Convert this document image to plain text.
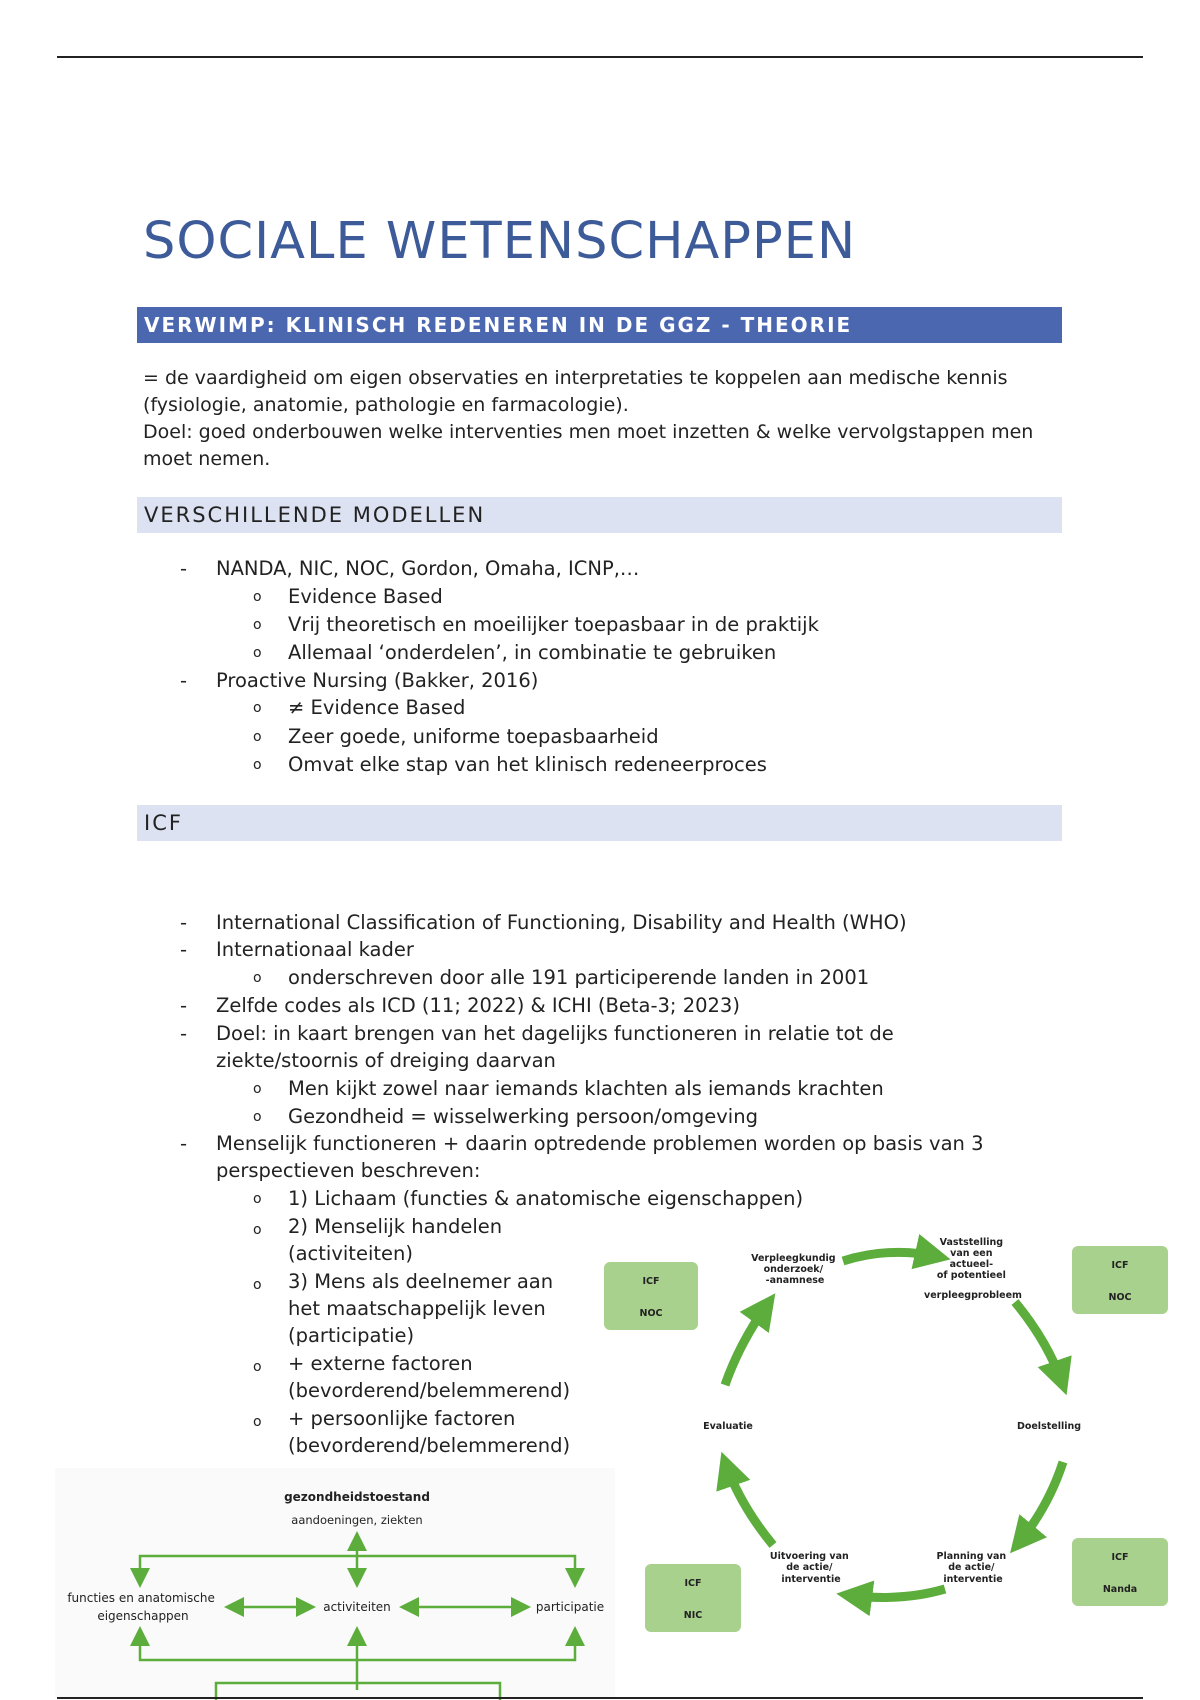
SOCIALE WETENSCHAPPEN
VERWIMP: KLINISCH REDENEREN IN DE GGZ - THEORIE

= de vaardigheid om eigen observaties en interpretaties te koppelen aan medische kennis (fysiologie, anatomie, pathologie en farmacologie).

Doel: goed onderbouwen welke interventies men moet inzetten & welke vervolgstappen men moet nemen.

VERSCHILLENDE MODELLEN
- NANDA, NIC, NOC, Gordon, Omaha, ICNP,…
o Evidence Based
o Vrij theoretisch en moeilijker toepasbaar in de praktijk
o Allemaal ‘onderdelen’, in combinatie te gebruiken
- Proactive Nursing (Bakker, 2016)
o ≠ Evidence Based
o Zeer goede, uniforme toepasbaarheid
o Omvat elke stap van het klinisch redeneerproces
ICF
- International Classification of Functioning, Disability and Health (WHO)
- Internationaal kader
o onderschreven door alle 191 participerende landen in 2001
- Zelfde codes als ICD (11; 2022) & ICHI (Beta-3; 2023)
- Doel: in kaart brengen van het dagelijks functioneren in relatie tot de ziekte/stoornis of dreiging daarvan
o Men kijkt zowel naar iemands klachten als iemands krachten
o Gezondheid = wisselwerking persoon/omgeving
- Menselijk functioneren + daarin optredende problemen worden op basis van 3 perspectieven beschreven:
o 1) Lichaam (functies & anatomische eigenschappen)
o 2) Menselijk handelen (activiteiten)
o 3) Mens als deelnemer aan het maatschappelijk leven (participatie)
o + externe factoren (bevorderend/belemmerend)
o + persoonlijke factoren (bevorderend/belemmerend)
Verpleegkundig onderzoek/ -anamnese
Vaststelling van een actueel- of potentieel verpleegprobleem
Doelstelling
Planning van de actie/ interventie
Uitvoering van de actie/ interventie
Evaluatie
ICF
NOC
ICF
NOC
ICF
Nanda
ICF
NIC
gezondheidstoestand
aandoeningen, ziekten
functies en anatomische eigenschappen
activiteiten	participatie
